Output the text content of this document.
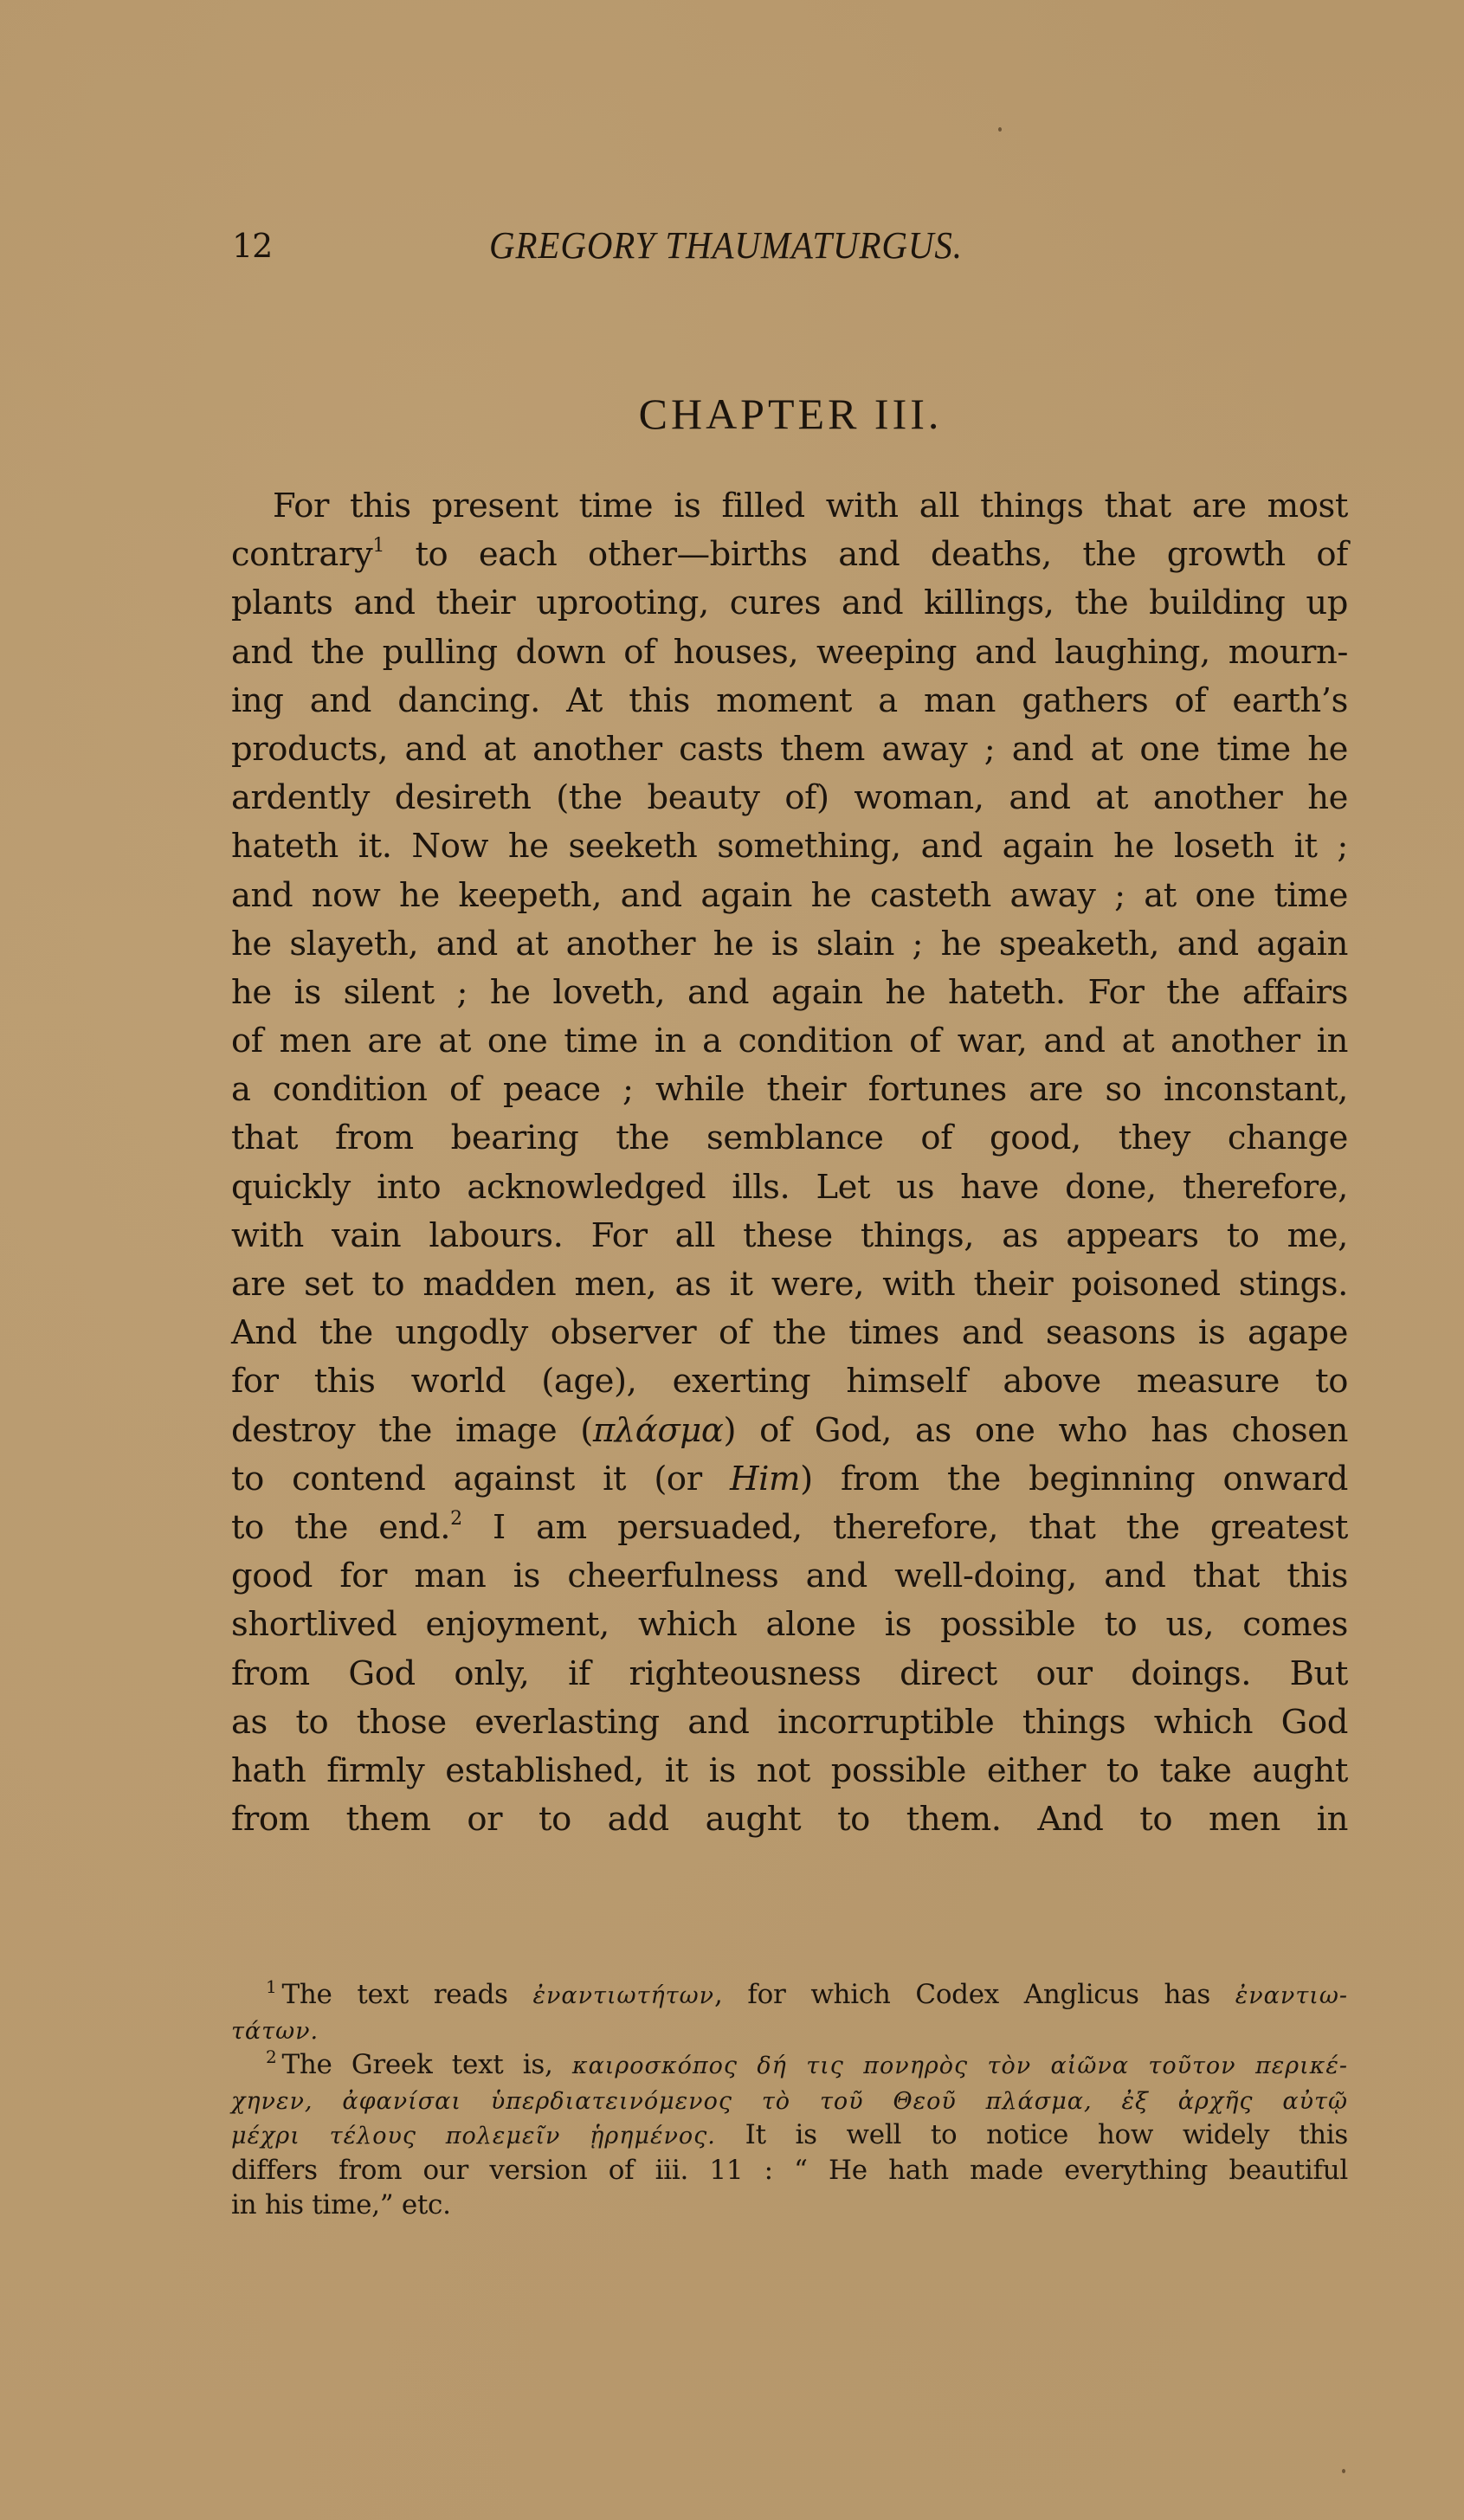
12	GREGORY THAUMATURGUS.
CHAPTER III.
For this present time is filled with all things that are most
contrary$^1$ to each other—births and deaths, the growth of
plants and their uprooting, cures and killings, the building up
and the pulling down of houses, weeping and laughing, mourn-
ing and dancing. At this moment a man gathers of earth’s
products, and at another casts them away ; and at one time he
ardently desireth (the beauty of) woman, and at another he
hateth it. Now he seeketh something, and again he loseth it ;
and now he keepeth, and again he casteth away ; at one time
he slayeth, and at another he is slain ; he speaketh, and again
he is silent ; he loveth, and again he hateth. For the affairs
of men are at one time in a condition of war, and at another in
a condition of peace ; while their fortunes are so inconstant,
that from bearing the semblance of good, they change
quickly into acknowledged ills. Let us have done, therefore,
with vain labours. For all these things, as appears to me,
are set to madden men, as it were, with their poisoned stings.
And the ungodly observer of the times and seasons is agape
for this world (age), exerting himself above measure to
destroy the image (πλάσμα) of God, as one who has chosen
to contend against it (or Him) from the beginning onward
to the end.$^2$ I am persuaded, therefore, that the greatest
good for man is cheerfulness and well-doing, and that this
shortlived enjoyment, which alone is possible to us, comes
from God only, if righteousness direct our doings. But
as to those everlasting and incorruptible things which God
hath firmly established, it is not possible either to take aught
from them or to add aught to them. And to men in
$^1$ The text reads ἐναντιωτήτων, for which Codex Anglicus has ἐναντιω-
τάτων.
$^2$ The Greek text is, καιροσκόπος δή τις πονηρὸς τὸν αἰῶνα τοῦτον περικέ-
χηνεν, ἀφανίσαι ὑπερδιατεινόμενος τὸ τοῦ Θεοῦ πλάσμα, ἐξ ἀρχῆς αὐτῷ
μέχρι τέλους πολεμεῖν ᾑρημένος. It is well to notice how widely this
differs from our version of iii. 11 : “ He hath made everything beautiful
in his time,” etc.
